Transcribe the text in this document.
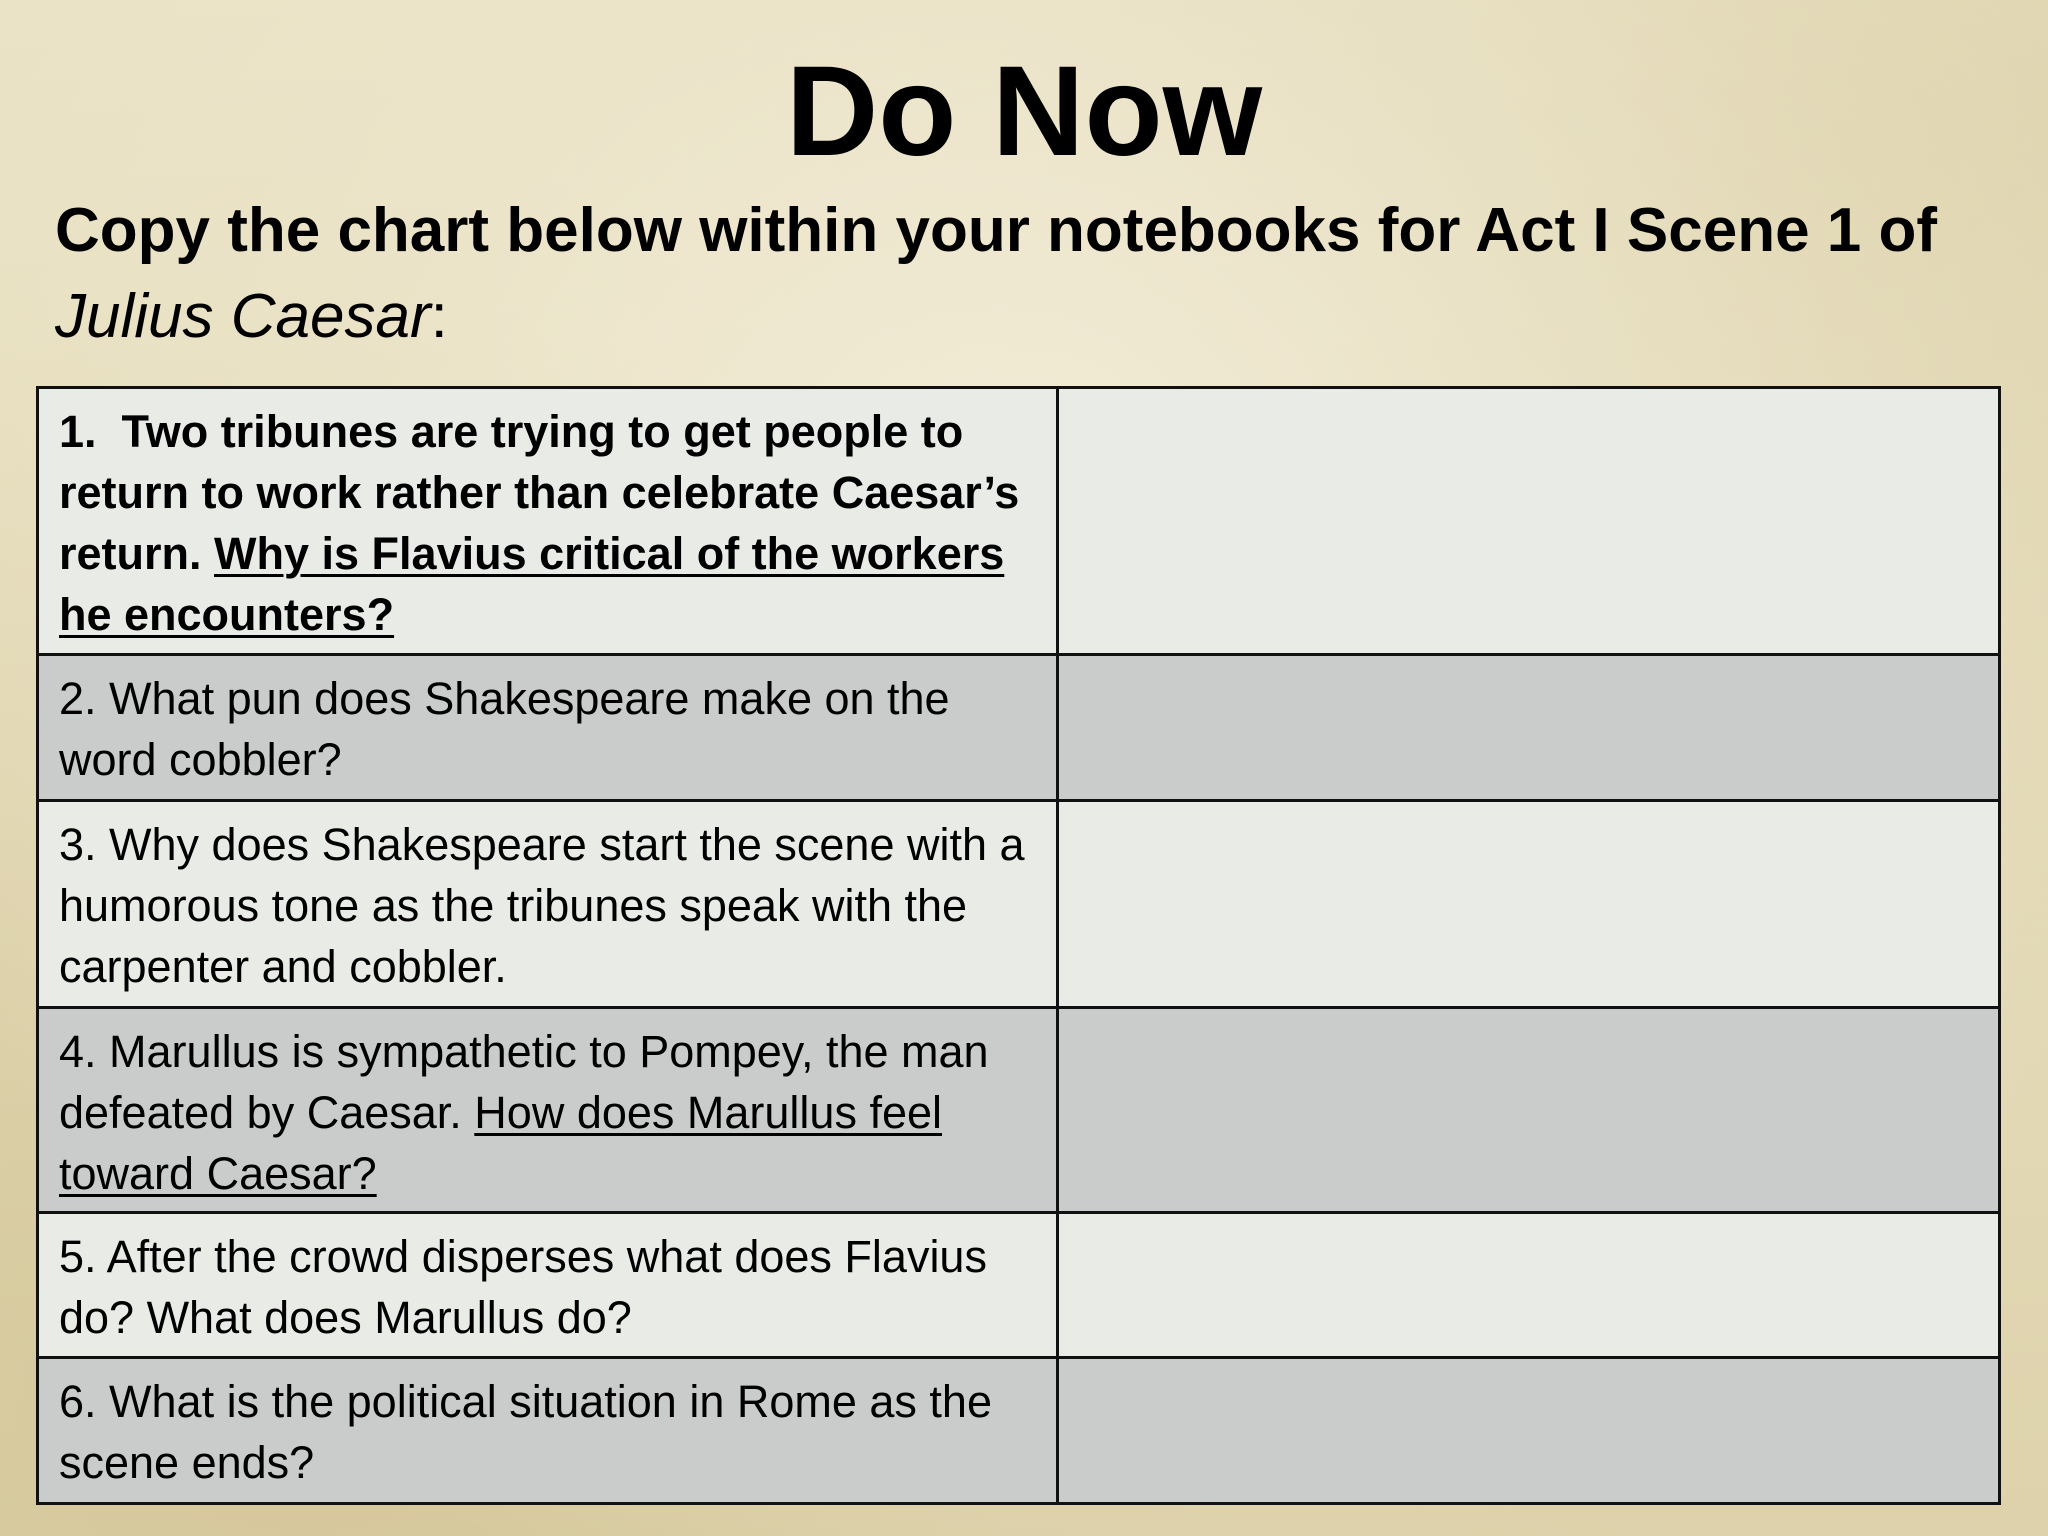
Do Now

Copy the chart below within your notebooks for Act I Scene 1 of Julius Caesar:

1. Two tribunes are trying to get people to return to work rather than celebrate Caesar’s return. Why is Flavius critical of the workers he encounters?	
2. What pun does Shakespeare make on the word cobbler?	
3. Why does Shakespeare start the scene with a humorous tone as the tribunes speak with the carpenter and cobbler.	
4. Marullus is sympathetic to Pompey, the man defeated by Caesar. How does Marullus feel toward Caesar?	
5. After the crowd disperses what does Flavius do? What does Marullus do?	
6. What is the political situation in Rome as the scene ends?	
